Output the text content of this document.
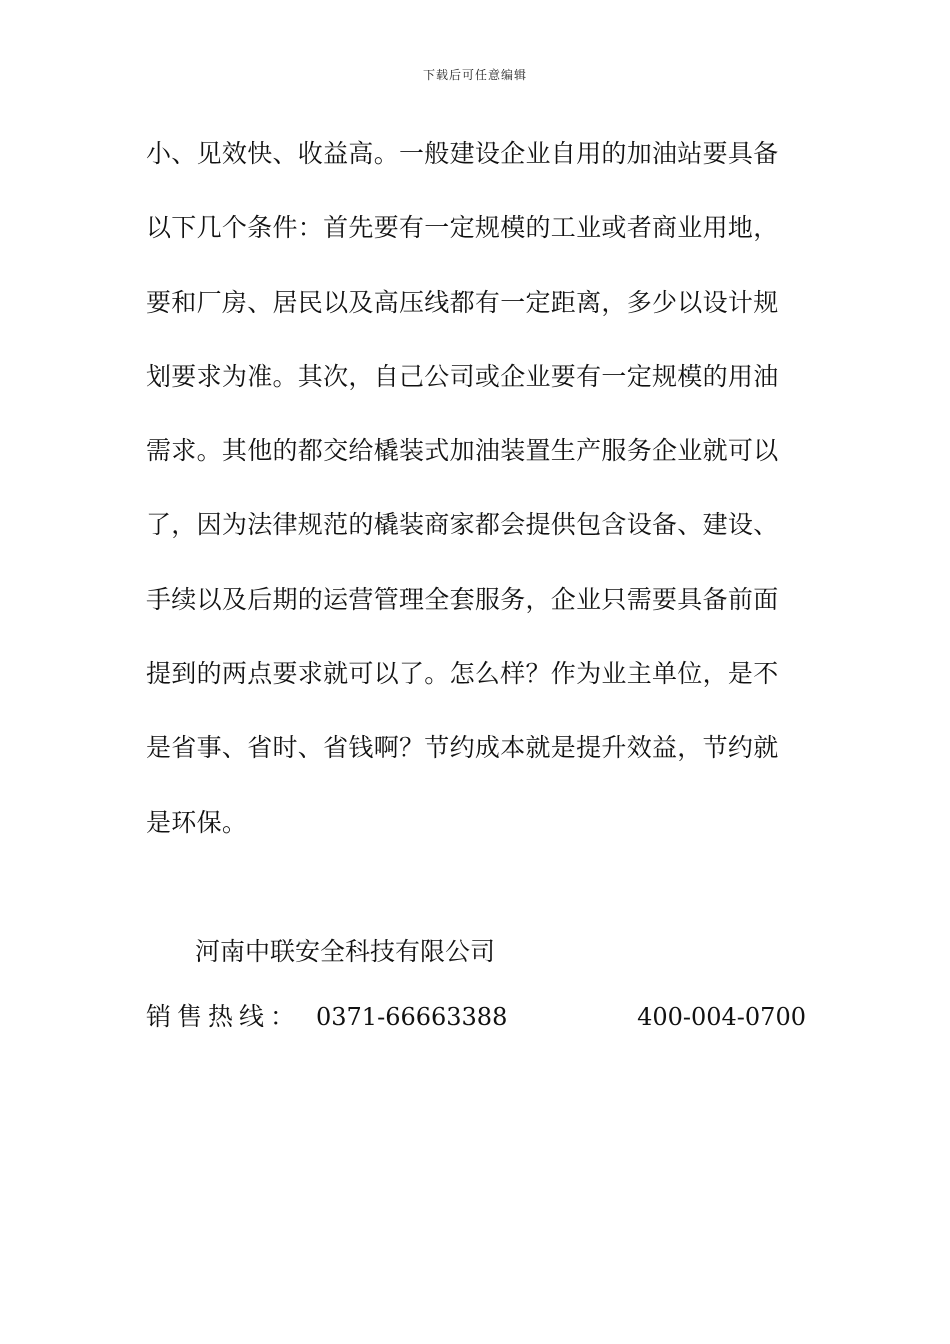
下载后可任意编辑
小、见效快、收益高。一般建设企业自用的加油站要具备
以下几个条件：首先要有一定规模的工业或者商业用地，
要和厂房、居民以及高压线都有一定距离，多少以设计规
划要求为准。其次，自己公司或企业要有一定规模的用油
需求。其他的都交给橇装式加油装置生产服务企业就可以
了，因为法律规范的橇装商家都会提供包含设备、建设、
手续以及后期的运营管理全套服务，企业只需要具备前面
提到的两点要求就可以了。怎么样？作为业主单位，是不
是省事、省时、省钱啊？节约成本就是提升效益，节约就
是环保。
河南中联安全科技有限公司
销售热线： 0371-66663388	400-004-0700
